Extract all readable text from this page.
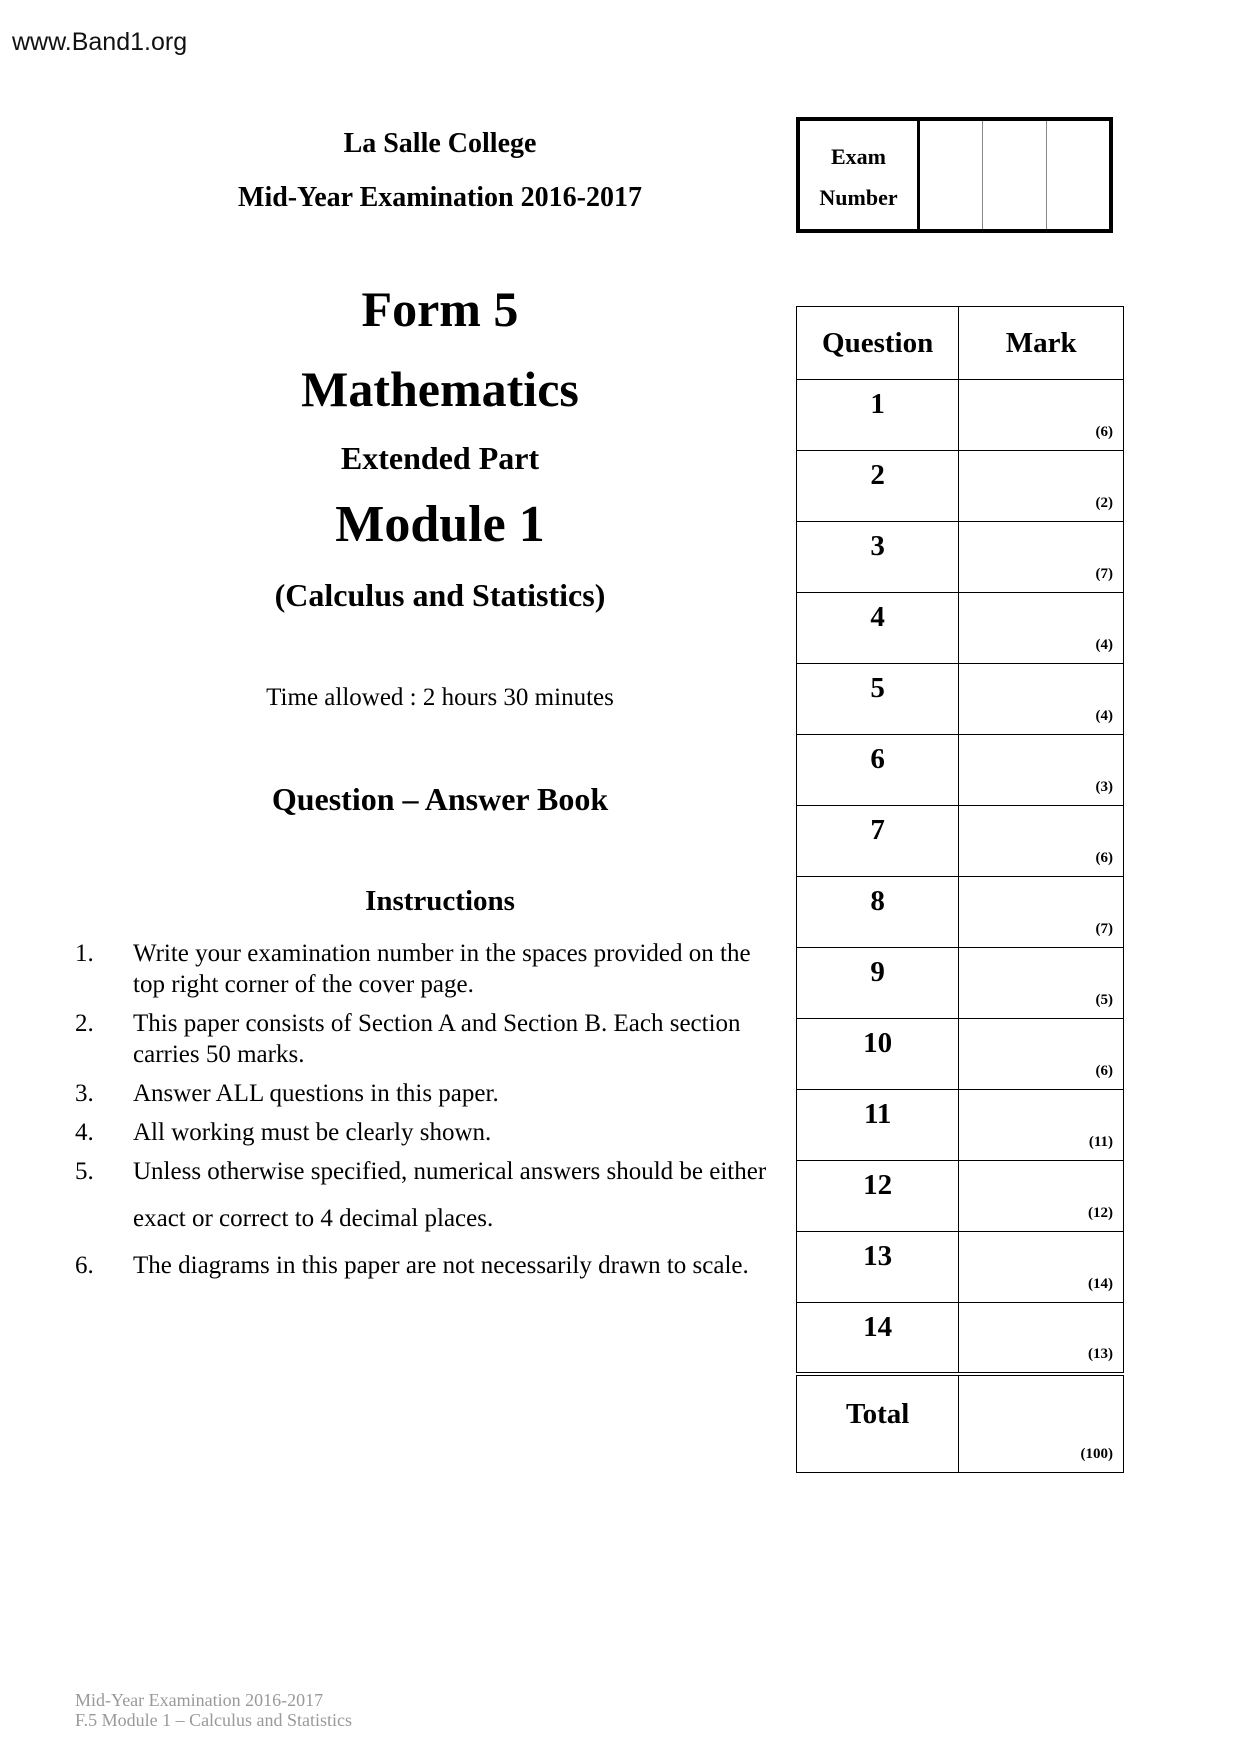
www.Band1.org
La Salle College
Mid-Year Examination 2016-2017
Form 5
Mathematics
Extended Part
Module 1
(Calculus and Statistics)
Time allowed : 2 hours 30 minutes
Question – Answer Book
Instructions
1.	Write your examination number in the spaces provided on the top right corner of the cover page.
2.	This paper consists of Section A and Section B. Each section carries 50 marks.
3.	Answer ALL questions in this paper.
4.	All working must be clearly shown.
5.	Unless otherwise specified, numerical answers should be either exact or correct to 4 decimal places.
6.	The diagrams in this paper are not necessarily drawn to scale.
Exam
Number
Question	Mark
1	(6)

2	(2)

3	(7)

4	(4)

5	(4)

6	(3)

7	(6)

8	(7)

9	(5)

10	(6)

11	(11)

12	(12)

13	(14)

14	(13)

Total	(100)
Mid-Year Examination 2016-2017
F.5 Module 1 – Calculus and Statistics
